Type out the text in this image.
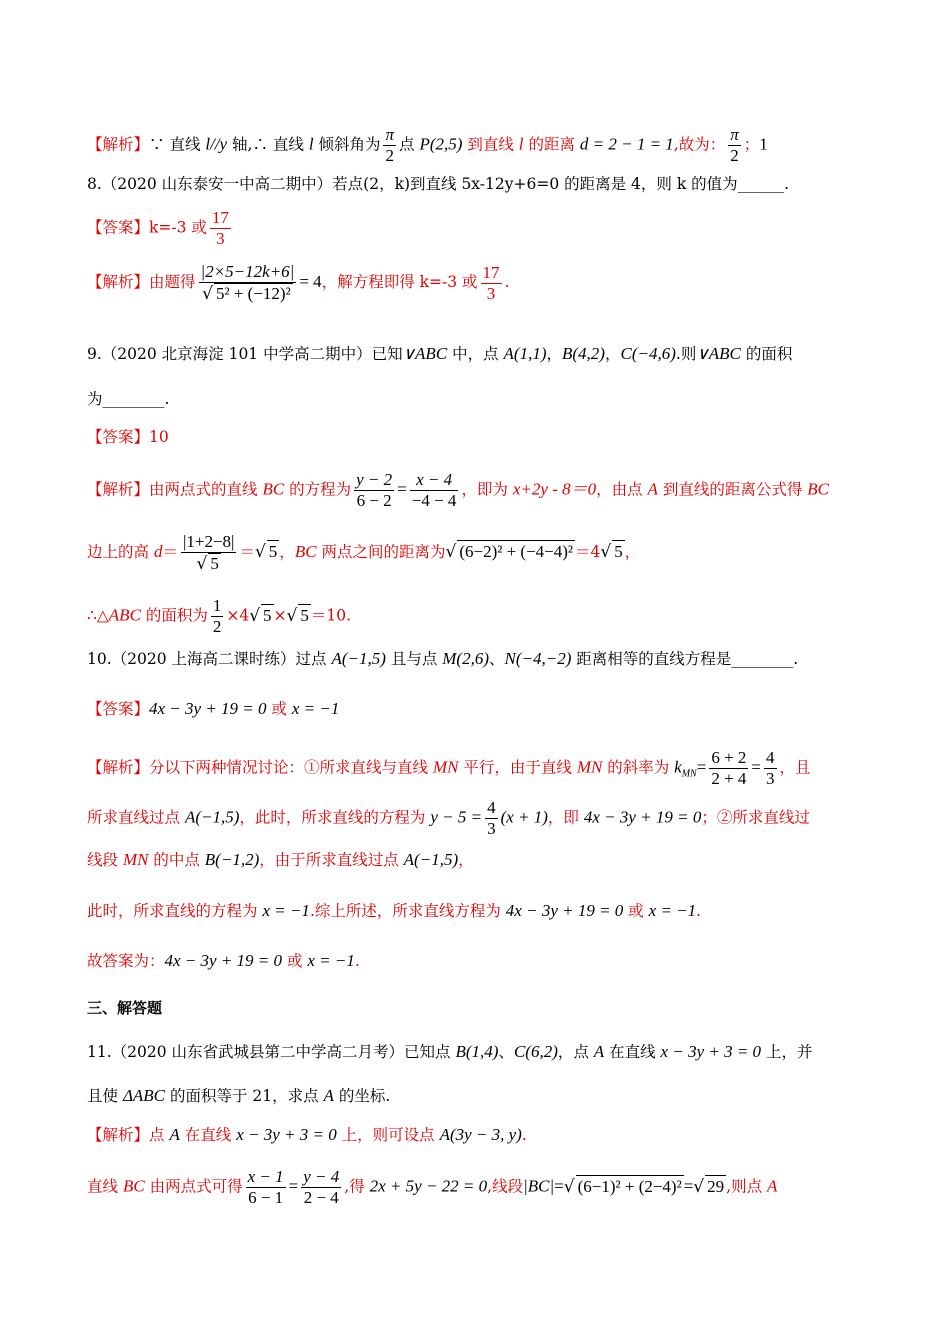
【解析】∵ 直线 l//y 轴,∴ 直线 l 倾斜角为 $\frac{\pi}{2}$ 点 P(2,5) 到直线 l 的距离 d = 2 − 1 = 1,故为： $\frac{\pi}{2}$ ；1
8.（2020 山东泰安一中高二期中）若点(2，k)到直线 5x-12y+6=0 的距离是 4，则 k 的值为______.
【答案】k=-3 或 $\frac{17}{3}$
【解析】由题得 $\frac{|2\times 5-12k+6|}{\text{√ 5² + (−12)²}} = 4$，解方程即得 k=-3 或 $\frac{17}{3}$ .
9.（2020 北京海淀 101 中学高二期中）已知∨ABC 中，点 A(1,1)，B(4,2)，C(−4,6).则∨ABC 的面积
为________.
【答案】10
【解析】由两点式的直线 BC 的方程为 $\frac{y - 2}{6 - 2} = \frac{x - 4}{-4 - 4}$ ，即为 x+2y - 8＝0，由点 A 到直线的距离公式得 BC
边上的高 $d= \frac{|1+2-8|}{√ 5}$ ＝√ 5 ，BC 两点之间的距离为√ (6−2)² + (−4−4)² ＝4√ 5 ，
∴△ABC 的面积为 $\frac{1}{2} \times 4√$ 5 ×√ 5 ＝10.
10.（2020 上海高二课时练）过点 A(−1,5) 且与点 M(2,6)、N(−4,−2) 距离相等的直线方程是________.
【答案】4x − 3y + 19 = 0 或 x = −1
【解析】分以下两种情况讨论：①所求直线与直线 MN 平行，由于直线 MN 的斜率为 $k_{MN}= \frac{6 + 2}{2 + 4} = \frac{4}{3}$ ，且
所求直线过点 A(−1,5)，此时，所求直线的方程为 $y - 5 = \frac{4}{3} (x + 1)$，即 4x − 3y + 19 = 0；②所求直线过
线段 MN 的中点 B(−1,2)，由于所求直线过点 A(−1,5)，
此时，所求直线的方程为 x = −1.综上所述，所求直线方程为 4x − 3y + 19 = 0 或 x = −1.
故答案为：4x − 3y + 19 = 0 或 x = −1.
三、解答题
11.（2020 山东省武城县第二中学高二月考）已知点 B(1,4)、C(6,2)，点 A 在直线 x − 3y + 3 = 0 上，并
且使 ΔABC 的面积等于 21，求点 A 的坐标.
【解析】点 A 在直线 x − 3y + 3 = 0 上，则可设点 A(3y − 3, y).
直线 BC 由两点式可得 $\frac{x - 1}{6 - 1} = \frac{y - 4}{2 - 4}$ ,得 2x + 5y − 22 = 0,线段|BC|=√ (6−1)² + (2−4)² =√ 29 ,则点 A
